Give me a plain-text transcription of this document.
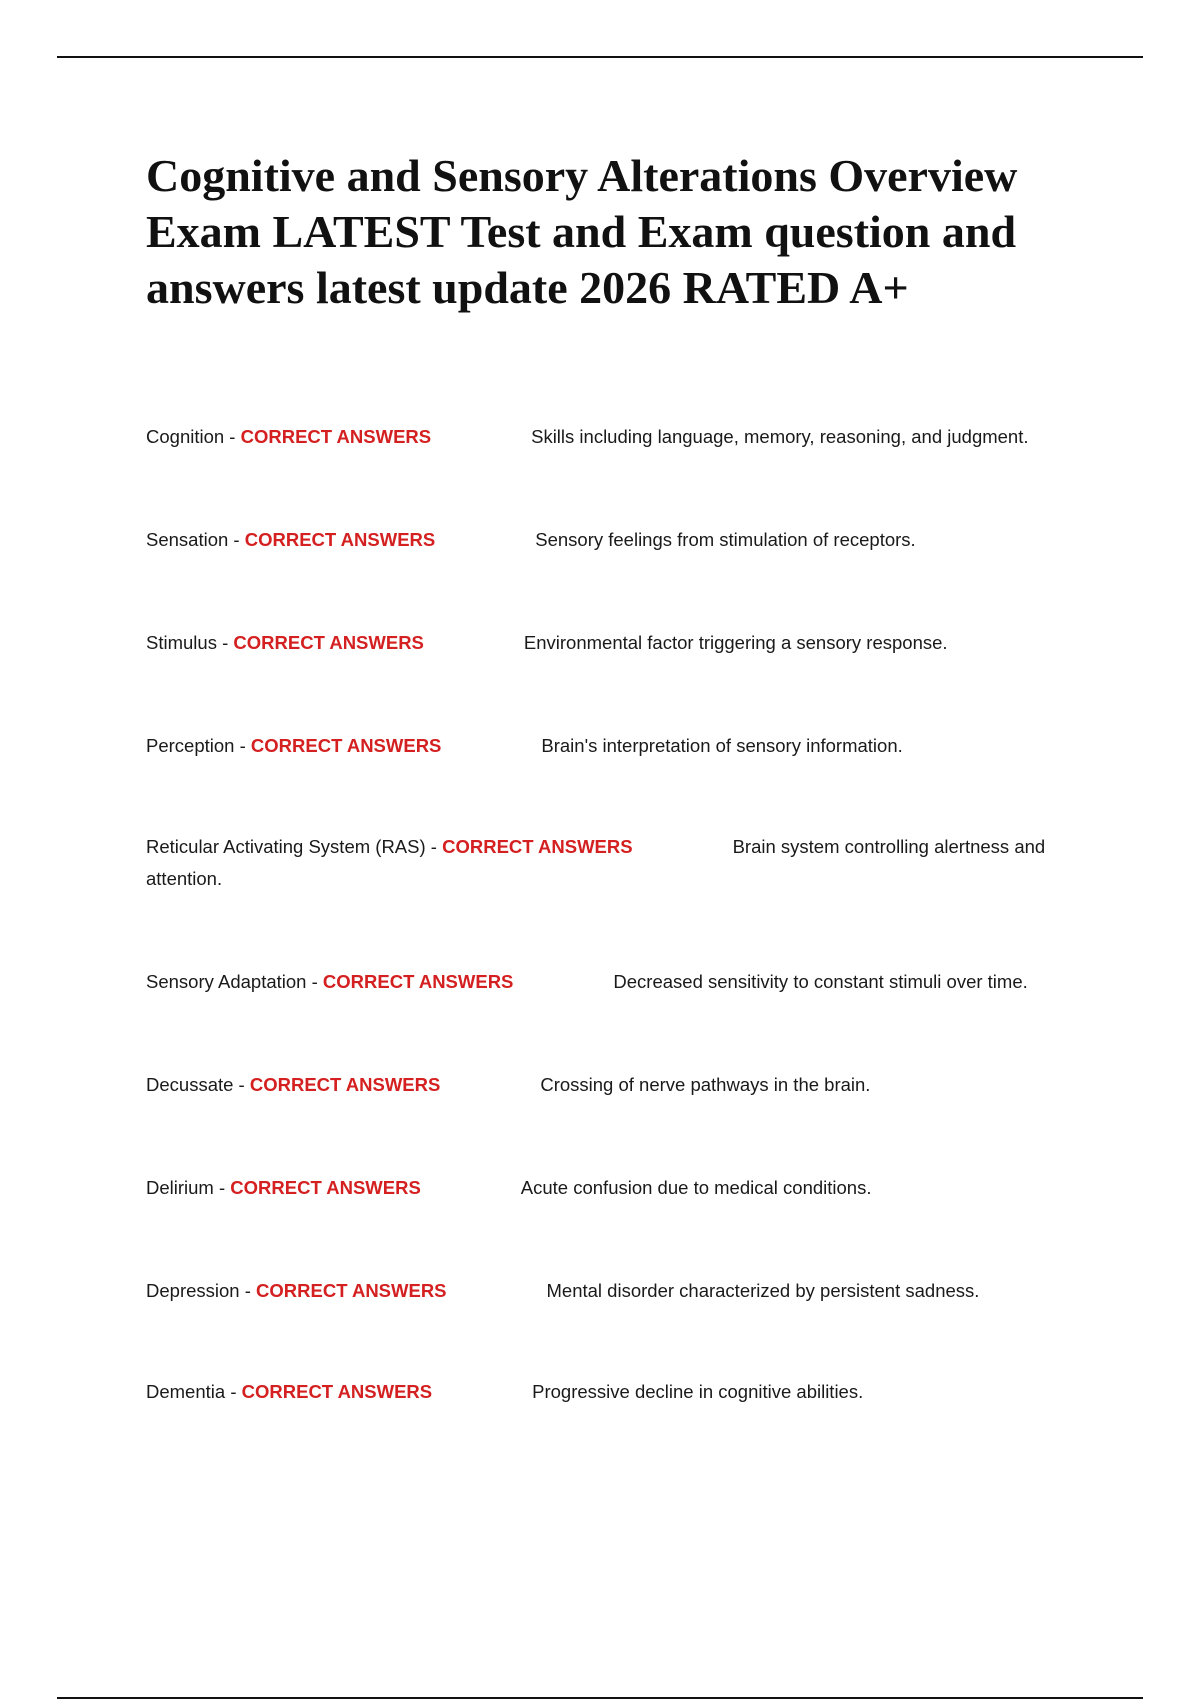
Cognitive and Sensory Alterations Overview Exam LATEST Test and Exam question and answers latest update 2026 RATED A+
Cognition - CORRECT ANSWERS	Skills including language, memory, reasoning, and judgment.
Sensation - CORRECT ANSWERS	Sensory feelings from stimulation of receptors.
Stimulus - CORRECT ANSWERS	Environmental factor triggering a sensory response.
Perception - CORRECT ANSWERS	Brain's interpretation of sensory information.
Reticular Activating System (RAS) - CORRECT ANSWERS	Brain system controlling alertness and attention.
Sensory Adaptation - CORRECT ANSWERS	Decreased sensitivity to constant stimuli over time.
Decussate - CORRECT ANSWERS	Crossing of nerve pathways in the brain.
Delirium - CORRECT ANSWERS	Acute confusion due to medical conditions.
Depression - CORRECT ANSWERS	Mental disorder characterized by persistent sadness.
Dementia - CORRECT ANSWERS	Progressive decline in cognitive abilities.
